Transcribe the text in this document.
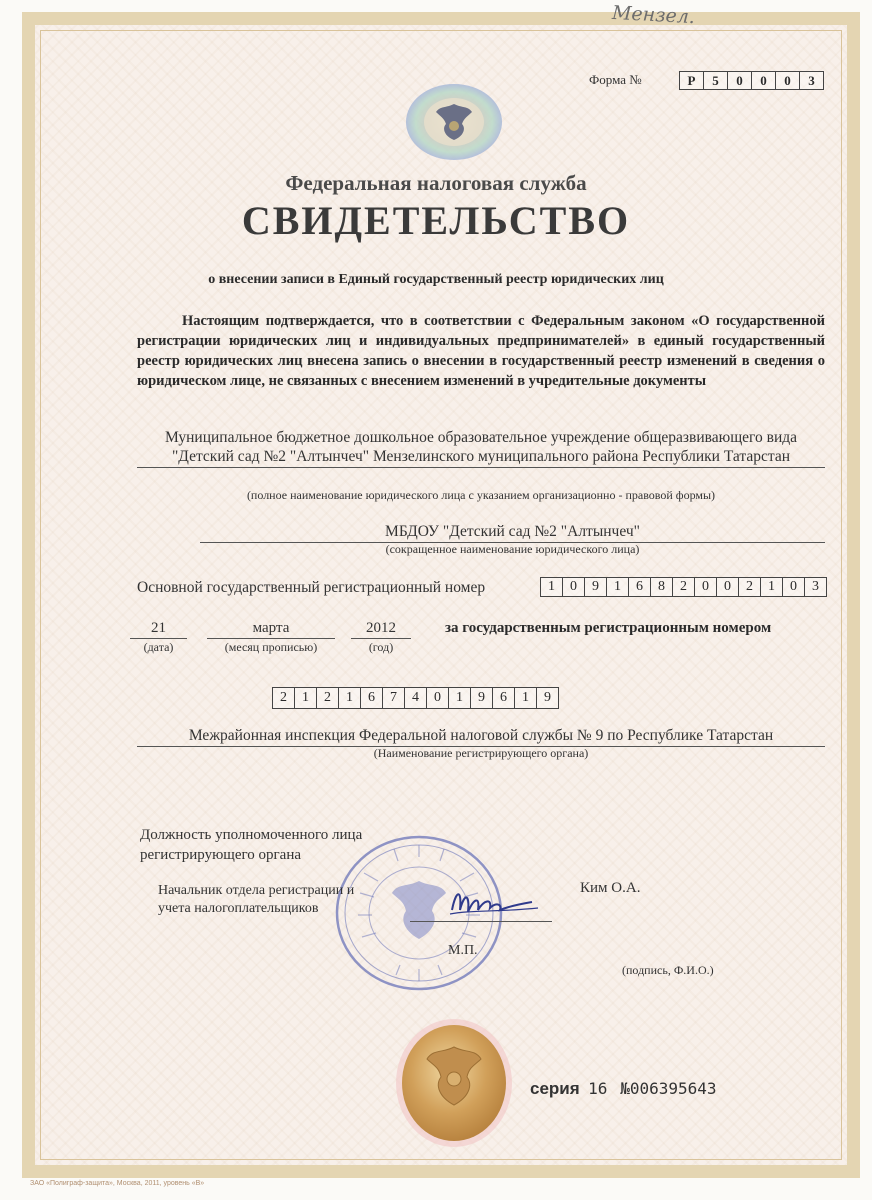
Мензел.
Форма №	Р	5	0	0	0	3
Федеральная налоговая служба
СВИДЕТЕЛЬСТВО
о внесении записи в Единый государственный реестр юридических лиц
Настоящим подтверждается, что в соответствии с Федеральным законом «О государственной регистрации юридических лиц и индивидуальных предпринимателей» в единый государственный реестр юридических лиц внесена запись о внесении в государственный реестр изменений в сведения о юридическом лице, не связанных с внесением изменений в учредительные документы
Муниципальное бюджетное дошкольное образовательное учреждение общеразвивающего вида "Детский сад №2 "Алтынчеч" Мензелинского муниципального района Республики Татарстан
(полное наименование юридического лица с указанием организационно - правовой формы)
МБДОУ "Детский сад №2 "Алтынчеч"
(сокращенное наименование юридического лица)
Основной государственный регистрационный номер	1	0	9	1	6	8	2	0	0	2	1	0	3
21	марта	2012
(дата)	(месяц прописью)	(год)
за государственным регистрационным номером
2	1	2	1	6	7	4	0	1	9	6	1	9
Межрайонная инспекция Федеральной налоговой службы № 9 по Республике Татарстан
(Наименование регистрирующего органа)
Должность уполномоченного лица регистрирующего органа
Начальник отдела регистрации и
учета налогоплательщиков
Ким О.А.
М.П.
(подпись, Ф.И.О.)
серия 16 №006395643
ЗАО «Полиграф-защита», Москва, 2011, уровень «В»
